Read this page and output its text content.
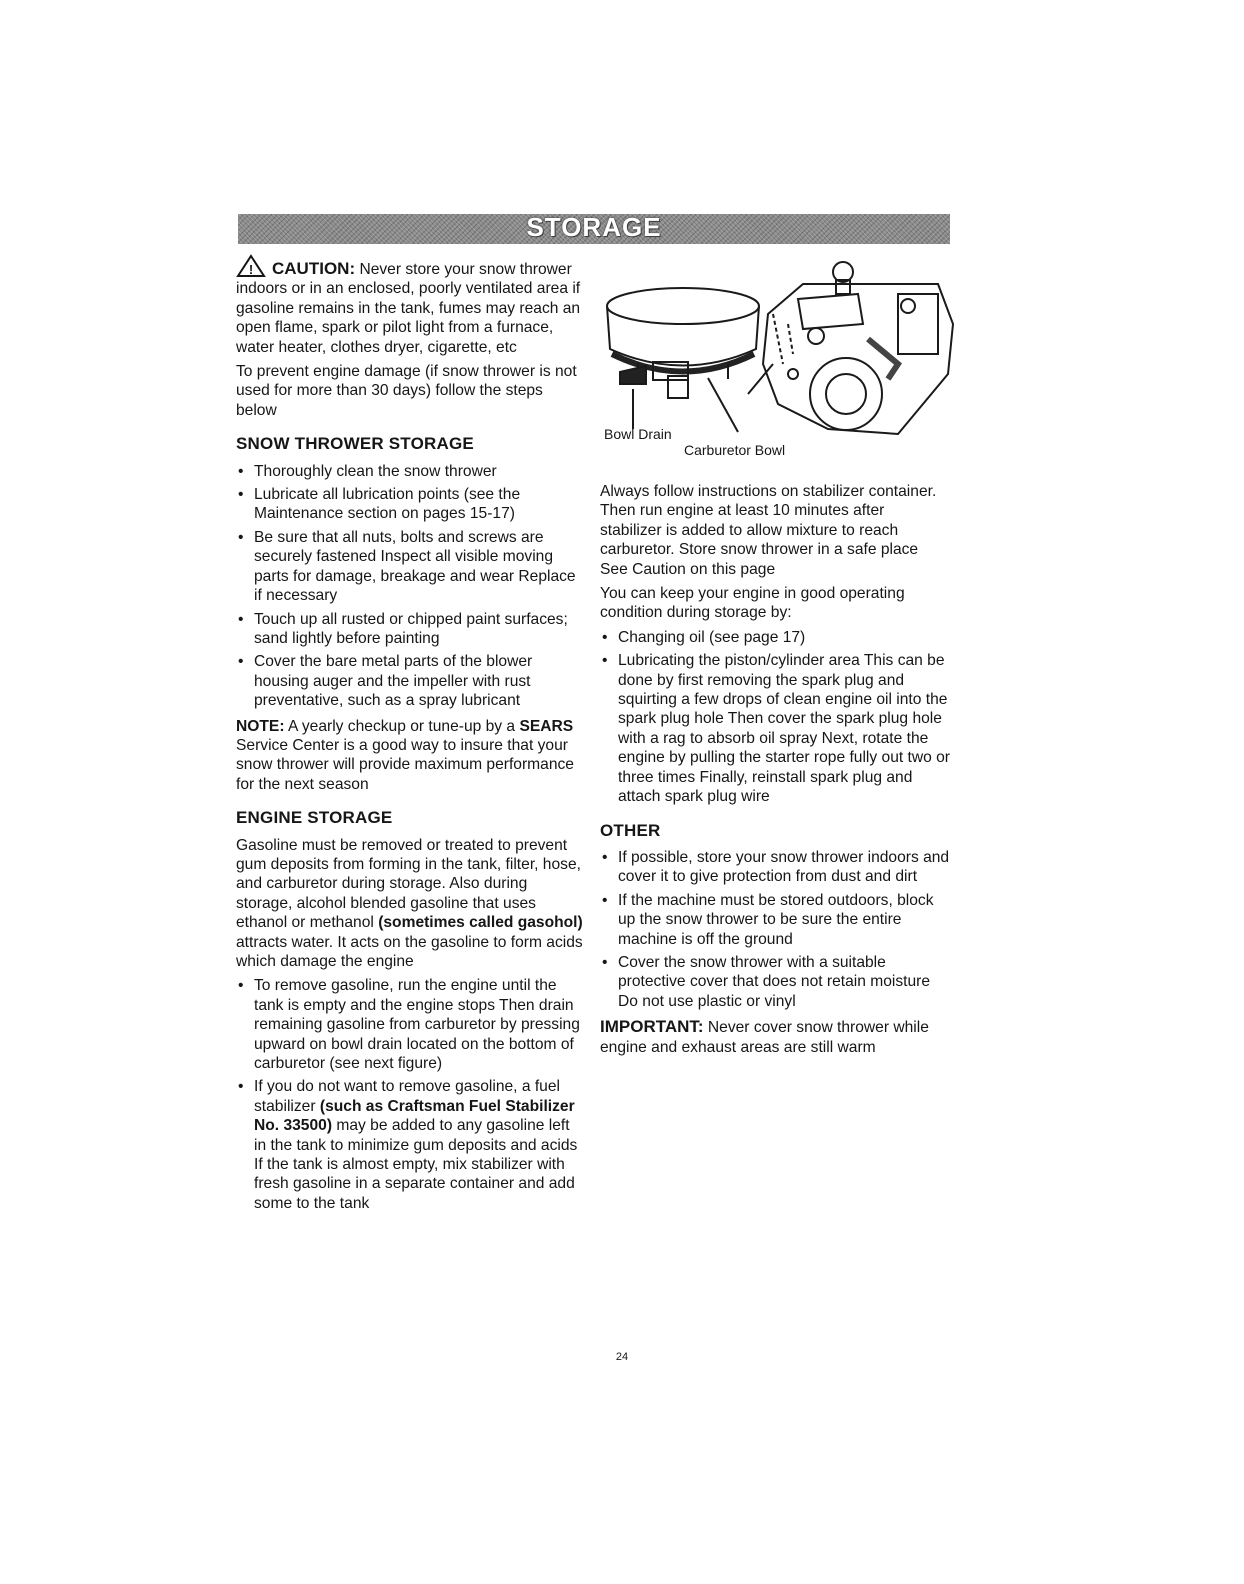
STORAGE

! CAUTION: Never store your snow thrower indoors or in an enclosed, poorly ventilated area if gasoline remains in the tank, fumes may reach an open flame, spark or pilot light from a furnace, water heater, clothes dryer, cigarette, etc

To prevent engine damage (if snow thrower is not used for more than 30 days) follow the steps below

SNOW THROWER STORAGE
• Thoroughly clean the snow thrower
• Lubricate all lubrication points (see the Maintenance section on pages 15-17)
• Be sure that all nuts, bolts and screws are securely fastened Inspect all visible moving parts for damage, breakage and wear Replace if necessary
• Touch up all rusted or chipped paint surfaces; sand lightly before painting
• Cover the bare metal parts of the blower housing auger and the impeller with rust preventative, such as a spray lubricant

NOTE: A yearly checkup or tune-up by a SEARS Service Center is a good way to insure that your snow thrower will provide maximum performance for the next season

ENGINE STORAGE

Gasoline must be removed or treated to prevent gum deposits from forming in the tank, filter, hose, and carburetor during storage. Also during storage, alcohol blended gasoline that uses ethanol or methanol (sometimes called gasohol) attracts water. It acts on the gasoline to form acids which damage the engine

• To remove gasoline, run the engine until the tank is empty and the engine stops Then drain remaining gasoline from carburetor by pressing upward on bowl drain located on the bottom of carburetor (see next figure)
• If you do not want to remove gasoline, a fuel stabilizer (such as Craftsman Fuel Stabilizer No. 33500) may be added to any gasoline left in the tank to minimize gum deposits and acids If the tank is almost empty, mix stabilizer with fresh gasoline in a separate container and add some to the tank
Bowl Drain
Carburetor Bowl

Always follow instructions on stabilizer container. Then run engine at least 10 minutes after stabilizer is added to allow mixture to reach carburetor. Store snow thrower in a safe place See Caution on this page

You can keep your engine in good operating condition during storage by:

• Changing oil (see page 17)
• Lubricating the piston/cylinder area This can be done by first removing the spark plug and squirting a few drops of clean engine oil into the spark plug hole Then cover the spark plug hole with a rag to absorb oil spray Next, rotate the engine by pulling the starter rope fully out two or three times Finally, reinstall spark plug and attach spark plug wire
OTHER
• If possible, store your snow thrower indoors and cover it to give protection from dust and dirt
• If the machine must be stored outdoors, block up the snow thrower to be sure the entire machine is off the ground
• Cover the snow thrower with a suitable protective cover that does not retain moisture Do not use plastic or vinyl

IMPORTANT: Never cover snow thrower while engine and exhaust areas are still warm

24
